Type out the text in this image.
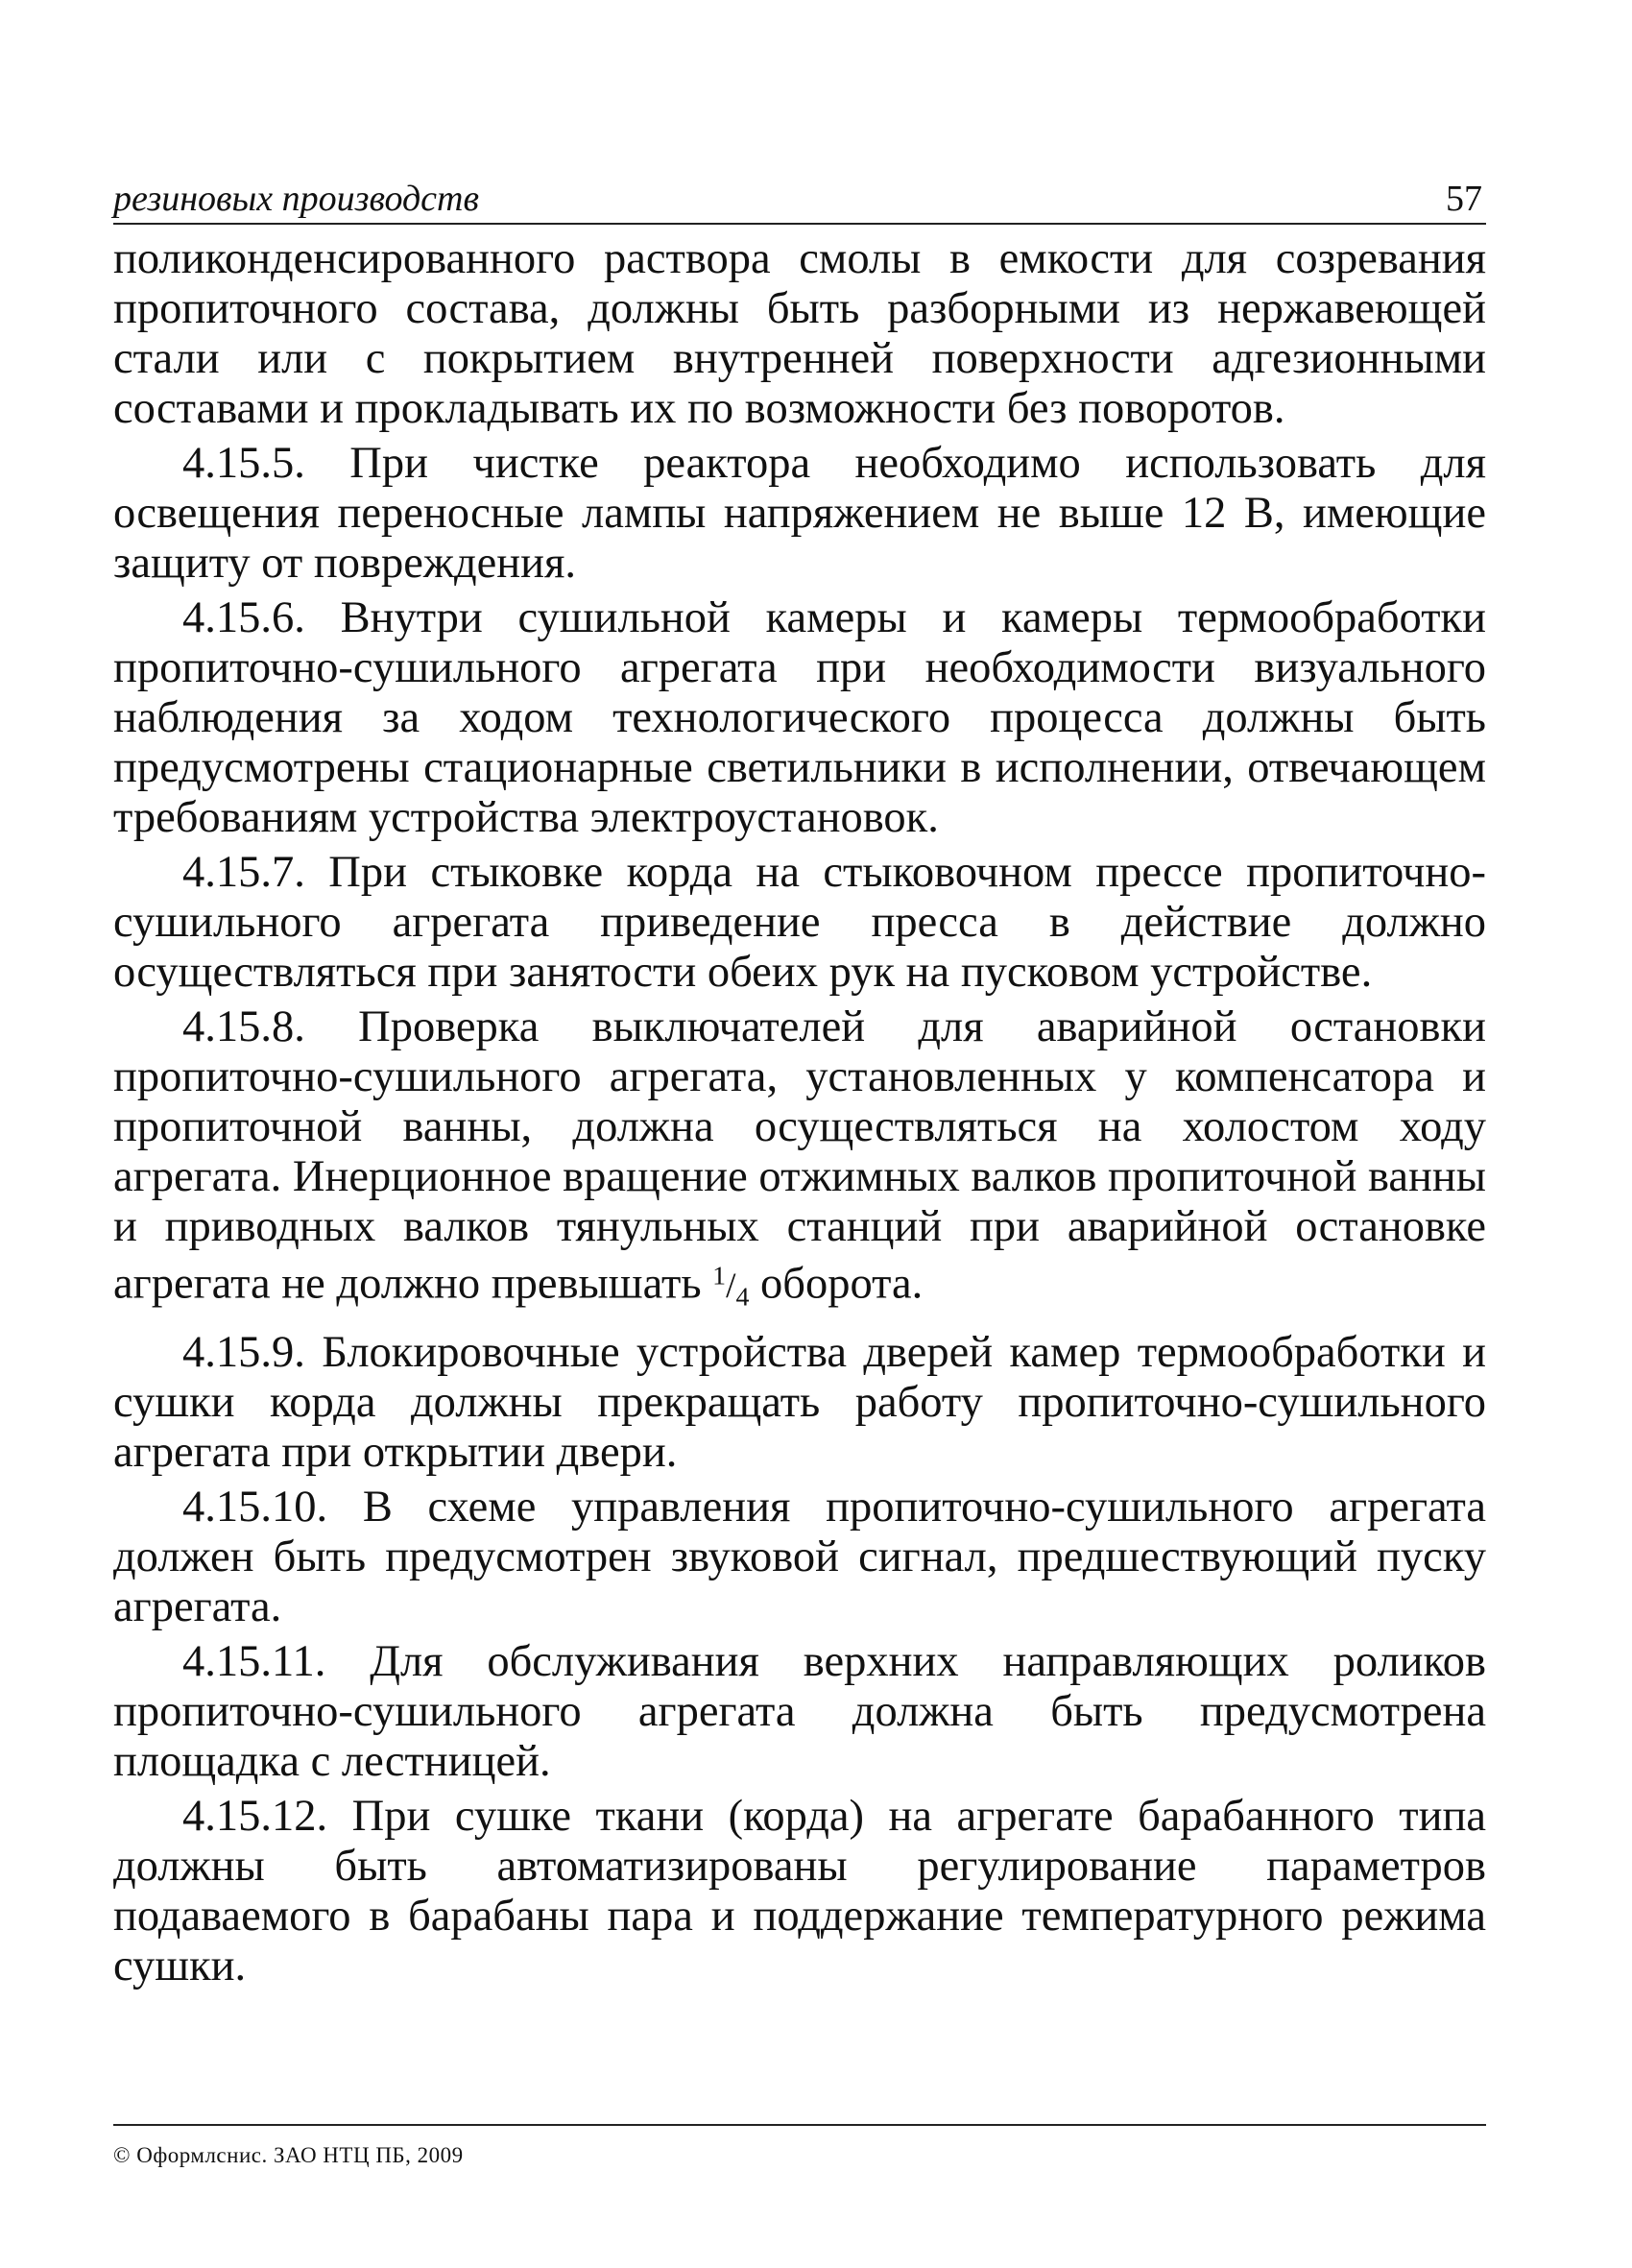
резиновых производств	57

поликонденсированного раствора смолы в емкости для созревания пропиточного состава, должны быть разборными из нержавеющей стали или с покрытием внутренней поверхности адгезионными составами и прокладывать их по возможности без поворотов.

4.15.5. При чистке реактора необходимо использовать для освещения переносные лампы напряжением не выше 12 В, имеющие защиту от повреждения.

4.15.6. Внутри сушильной камеры и камеры термообработки пропиточно-сушильного агрегата при необходимости визуального наблюдения за ходом технологического процесса должны быть предусмотрены стационарные светильники в исполнении, отвечающем требованиям устройства электроустановок.

4.15.7. При стыковке корда на стыковочном прессе пропиточно-сушильного агрегата приведение пресса в действие должно осуществляться при занятости обеих рук на пусковом устройстве.

4.15.8. Проверка выключателей для аварийной остановки пропиточно-сушильного агрегата, установленных у компенсатора и пропиточной ванны, должна осуществляться на холостом ходу агрегата. Инерционное вращение отжимных валков пропиточной ванны и приводных валков тянульных станций при аварийной остановке агрегата не должно превышать $^1/_4$ оборота.

4.15.9. Блокировочные устройства дверей камер термообработки и сушки корда должны прекращать работу пропиточно-сушильного агрегата при открытии двери.

4.15.10. В схеме управления пропиточно-сушильного агрегата должен быть предусмотрен звуковой сигнал, предшествующий пуску агрегата.

4.15.11. Для обслуживания верхних направляющих роликов пропиточно-сушильного агрегата должна быть предусмотрена площадка с лестницей.

4.15.12. При сушке ткани (корда) на агрегате барабанного типа должны быть автоматизированы регулирование параметров подаваемого в барабаны пара и поддержание температурного режима сушки.

© Оформлснис. ЗАО НТЦ ПБ, 2009
